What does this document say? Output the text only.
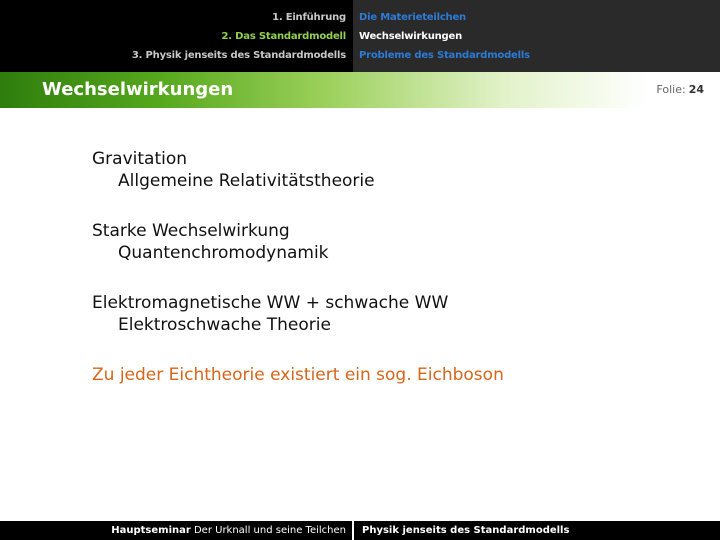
1. Einführung
2. Das Standardmodell
3. Physik jenseits des Standardmodells
Die Materieteilchen
Wechselwirkungen
Probleme des Standardmodells
Wechselwirkungen	Folie: 24
Gravitation
Allgemeine Relativitätstheorie
Starke Wechselwirkung
Quantenchromodynamik
Elektromagnetische WW + schwache WW
Elektroschwache Theorie
Zu jeder Eichtheorie existiert ein sog. Eichboson
Hauptseminar Der Urknall und seine Teilchen	Physik jenseits des Standardmodells
